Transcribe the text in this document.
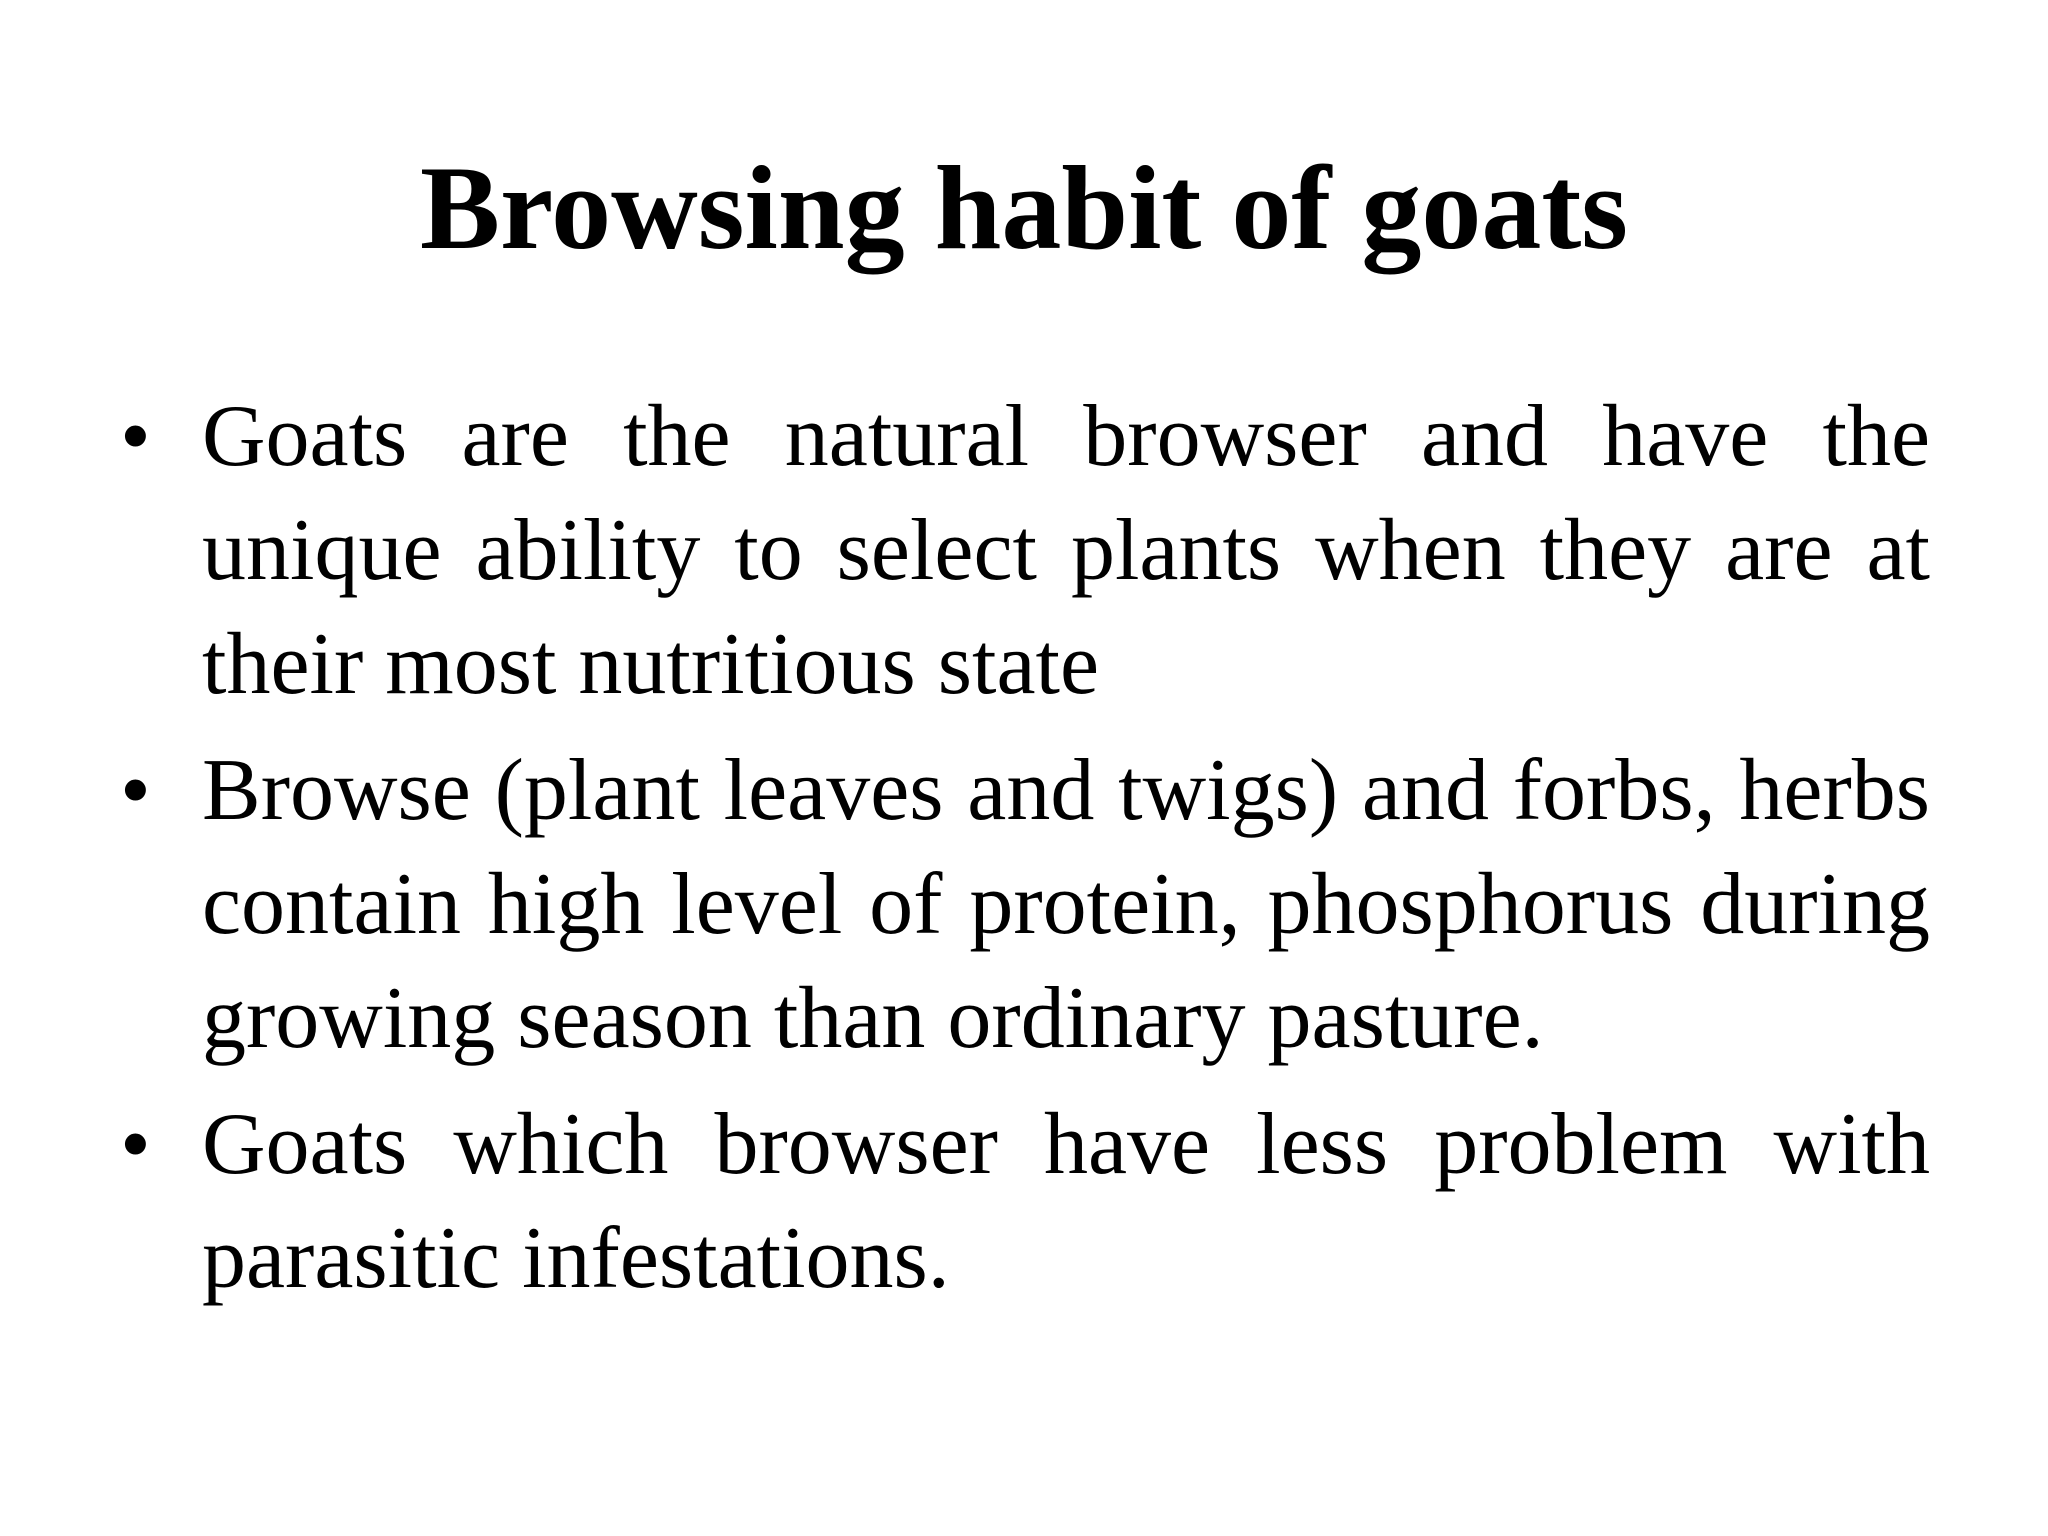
Browsing habit of goats
• Goats are the natural browser and have the unique ability to select plants when they are at their most nutritious state
• Browse (plant leaves and twigs) and forbs, herbs contain high level of protein, phosphorus during growing season than ordinary pasture.
• Goats which browser have less problem with parasitic infestations.
